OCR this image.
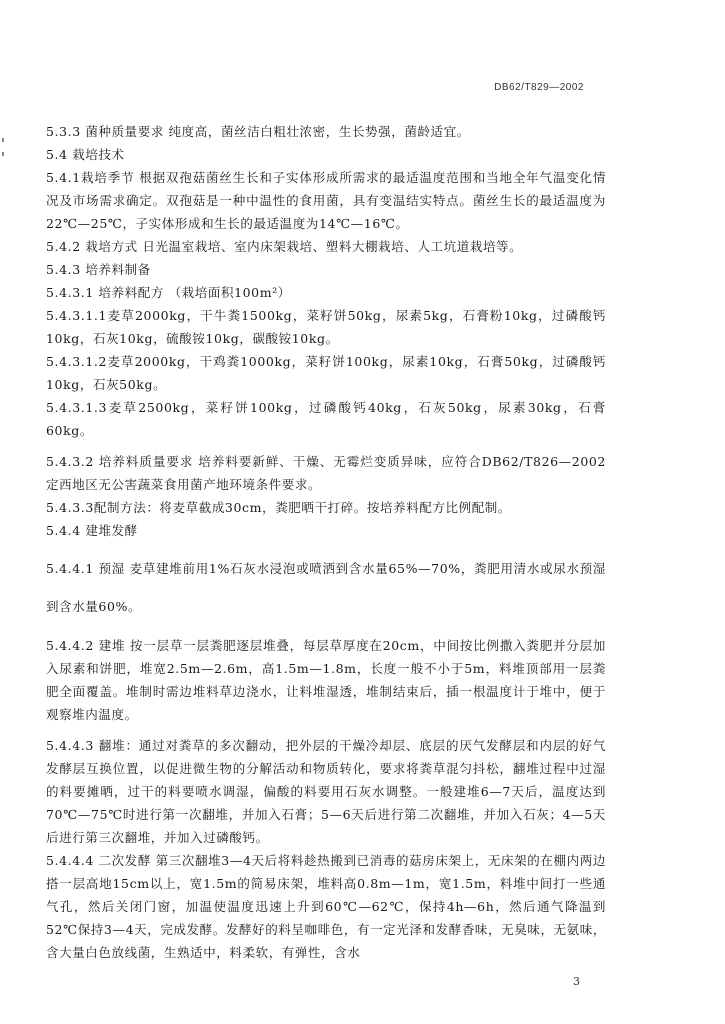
DB62/T829—2002

5.3.3 菌种质量要求 纯度高，菌丝洁白粗壮浓密，生长势强，菌龄适宜。

5.4 栽培技术

5.4.1栽培季节 根据双孢菇菌丝生长和子实体形成所需求的最适温度范围和当地全年气温变化情况及市场需求确定。双孢菇是一种中温性的食用菌，具有变温结实特点。菌丝生长的最适温度为22℃—25℃，子实体形成和生长的最适温度为14℃—16℃。

5.4.2 栽培方式 日光温室栽培、室内床架栽培、塑料大棚栽培、人工坑道栽培等。

5.4.3 培养料制备

5.4.3.1 培养料配方 （栽培面积100m²）

5.4.3.1.1麦草2000kg，干牛粪1500kg，菜籽饼50kg，尿素5kg，石膏粉10kg，过磷酸钙10kg，石灰10kg，硫酸铵10kg，碳酸铵10kg。

5.4.3.1.2麦草2000kg，干鸡粪1000kg，菜籽饼100kg，尿素10kg，石膏50kg，过磷酸钙10kg，石灰50kg。

5.4.3.1.3麦草2500kg，菜籽饼100kg，过磷酸钙40kg，石灰50kg，尿素30kg，石膏60kg。

5.4.3.2 培养料质量要求 培养料要新鲜、干燥、无霉烂变质异味，应符合DB62/T826—2002定西地区无公害蔬菜食用菌产地环境条件要求。

5.4.3.3配制方法：将麦草截成30cm，粪肥晒干打碎。按培养料配方比例配制。

5.4.4 建堆发酵

5.4.4.1 预湿 麦草建堆前用1%石灰水浸泡或喷洒到含水量65%—70%，粪肥用清水或尿水预湿到含水量60%。

5.4.4.2 建堆 按一层草一层粪肥逐层堆叠，每层草厚度在20cm，中间按比例撒入粪肥并分层加入尿素和饼肥，堆宽2.5m—2.6m，高1.5m—1.8m，长度一般不小于5m，料堆顶部用一层粪肥全面覆盖。堆制时需边堆料草边浇水，让料堆湿透，堆制结束后，插一根温度计于堆中，便于观察堆内温度。

5.4.4.3 翻堆：通过对粪草的多次翻动，把外层的干燥冷却层、底层的厌气发酵层和内层的好气发酵层互换位置，以促进微生物的分解活动和物质转化，要求将粪草混匀抖松，翻堆过程中过湿的料要摊晒，过干的料要喷水调湿，偏酸的料要用石灰水调整。一般建堆6—7天后，温度达到70℃—75℃时进行第一次翻堆，并加入石膏；5—6天后进行第二次翻堆，并加入石灰；4—5天后进行第三次翻堆，并加入过磷酸钙。

5.4.4.4 二次发酵 第三次翻堆3—4天后将料趁热搬到已消毒的菇房床架上，无床架的在棚内两边搭一层高地15cm以上，宽1.5m的简易床架，堆料高0.8m—1m，宽1.5m，料堆中间打一些通气孔，然后关闭门窗，加温使温度迅速上升到60℃—62℃，保持4h—6h，然后通气降温到52℃保持3—4天，完成发酵。发酵好的料呈咖啡色，有一定光泽和发酵香味，无臭味，无氨味，含大量白色放线菌，生熟适中，料柔软，有弹性，含水

3
